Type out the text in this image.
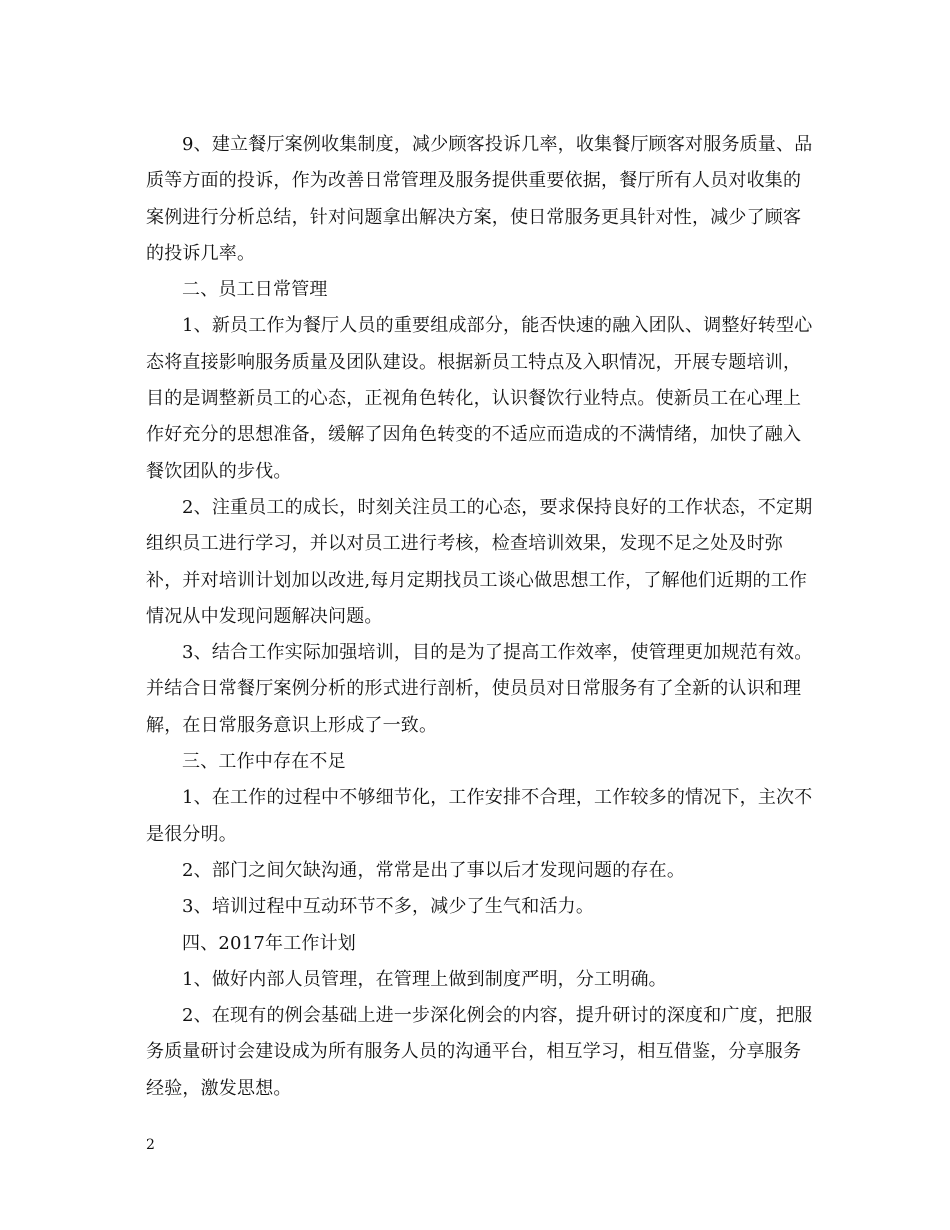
9、建立餐厅案例收集制度，减少顾客投诉几率，收集餐厅顾客对服务质量、品质等方面的投诉，作为改善日常管理及服务提供重要依据，餐厅所有人员对收集的案例进行分析总结，针对问题拿出解决方案，使日常服务更具针对性，减少了顾客的投诉几率。

二、员工日常管理

1、新员工作为餐厅人员的重要组成部分，能否快速的融入团队、调整好转型心态将直接影响服务质量及团队建设。根据新员工特点及入职情况，开展专题培训，目的是调整新员工的心态，正视角色转化，认识餐饮行业特点。使新员工在心理上作好充分的思想准备，缓解了因角色转变的不适应而造成的不满情绪，加快了融入餐饮团队的步伐。

2、注重员工的成长，时刻关注员工的心态，要求保持良好的工作状态，不定期组织员工进行学习，并以对员工进行考核，检查培训效果，发现不足之处及时弥补，并对培训计划加以改进,每月定期找员工谈心做思想工作，了解他们近期的工作情况从中发现问题解决问题。

3、结合工作实际加强培训，目的是为了提高工作效率，使管理更加规范有效。并结合日常餐厅案例分析的形式进行剖析，使员员对日常服务有了全新的认识和理解，在日常服务意识上形成了一致。

三、工作中存在不足

1、在工作的过程中不够细节化，工作安排不合理，工作较多的情况下，主次不是很分明。

2、部门之间欠缺沟通，常常是出了事以后才发现问题的存在。

3、培训过程中互动环节不多，减少了生气和活力。

四、2017年工作计划

1、做好内部人员管理，在管理上做到制度严明，分工明确。

2、在现有的例会基础上进一步深化例会的内容，提升研讨的深度和广度，把服务质量研讨会建设成为所有服务人员的沟通平台，相互学习，相互借鉴，分享服务经验，激发思想。

2
